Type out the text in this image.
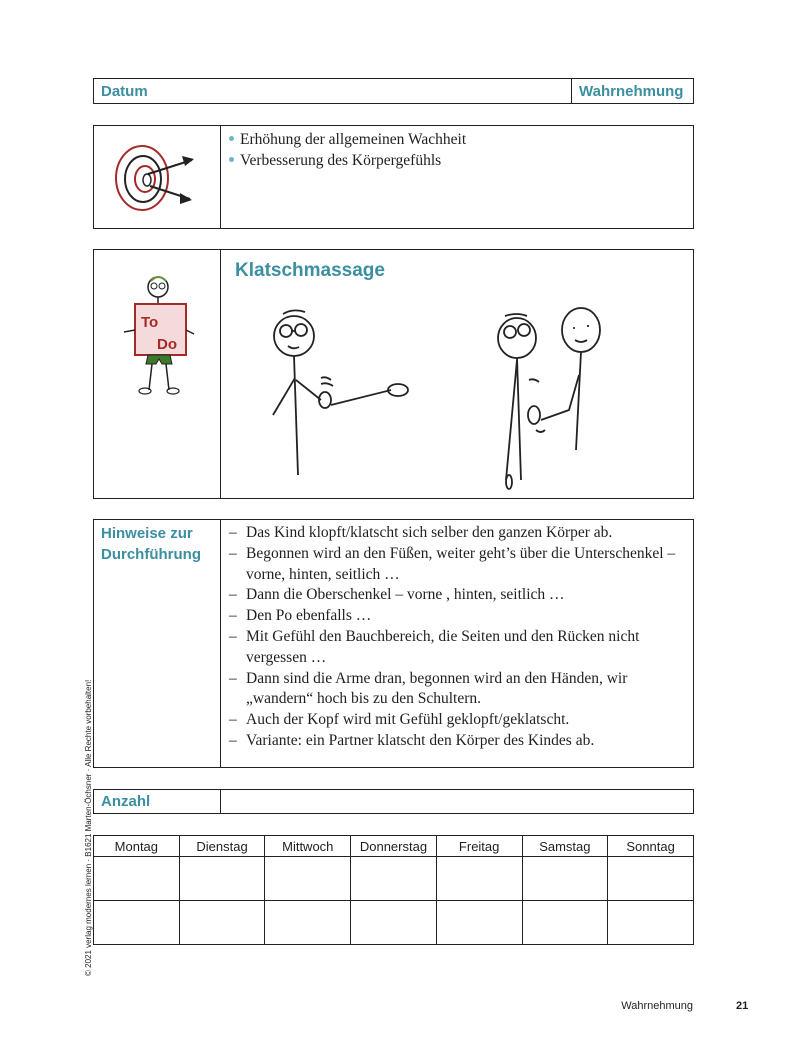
Datum	Wahrnehmung
Erhöhung der allgemeinen Wachheit
Verbesserung des Körpergefühls
To
Do
Klatschmassage
Hinweise zur Durchführung
– Das Kind klopft/klatscht sich selber den ganzen Körper ab.
– Begonnen wird an den Füßen, weiter geht’s über die Unterschenkel – vorne, hinten, seitlich …
– Dann die Oberschenkel – vorne , hinten, seitlich …
– Den Po ebenfalls …
– Mit Gefühl den Bauchbereich, die Seiten und den Rücken nicht vergessen …
– Dann sind die Arme dran, begonnen wird an den Händen, wir „wandern“ hoch bis zu den Schultern.
– Auch der Kopf wird mit Gefühl geklopft/geklatscht.
– Variante: ein Partner klatscht den Körper des Kindes ab.
Anzahl
Montag	Dienstag	Mittwoch	Donnerstag	Freitag	Samstag	Sonntag

© 2021 verlag modernes lernen · B1621 Marten-Öchsner · Alle Rechte vorbehalten!
Wahrnehmung	21
